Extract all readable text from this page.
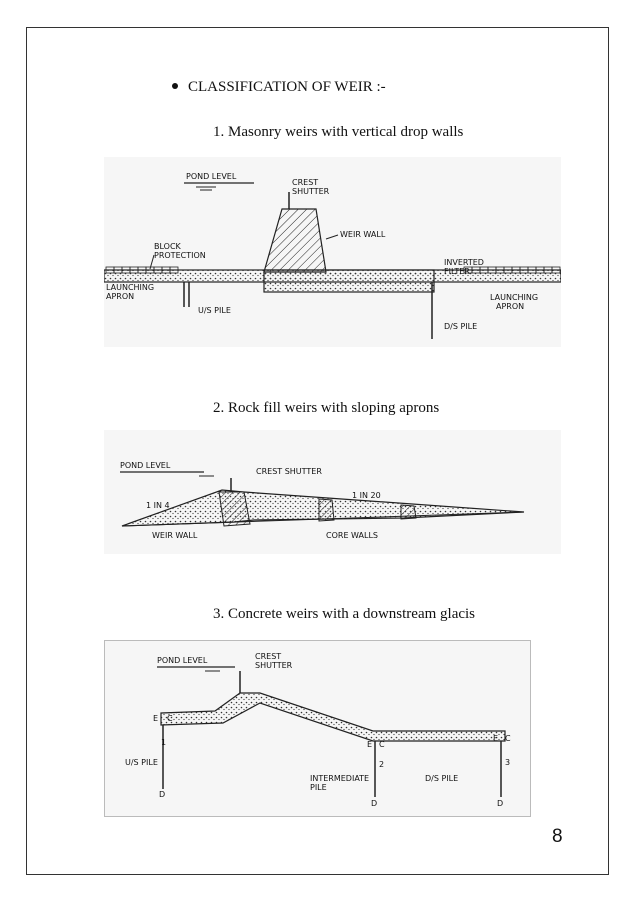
CLASSIFICATION OF WEIR :-
1. Masonry weirs with vertical drop walls
2. Rock fill weirs with sloping aprons
3. Concrete weirs with a downstream glacis
POND LEVEL
CREST
SHUTTER
WEIR WALL
BLOCK
PROTECTION
INVERTED
FILTER
LAUNCHING
APRON	LAUNCHING
APRON
U/S PILE
D/S PILE
POND LEVEL
CREST SHUTTER
1 IN 4
1 IN 20
WEIR WALL	CORE WALLS
POND LEVEL	CREST
SHUTTER
E C
E C
E C
1
2	3
D
D	D
U/S PILE
INTERMEDIATE
PILE
D/S PILE
8
